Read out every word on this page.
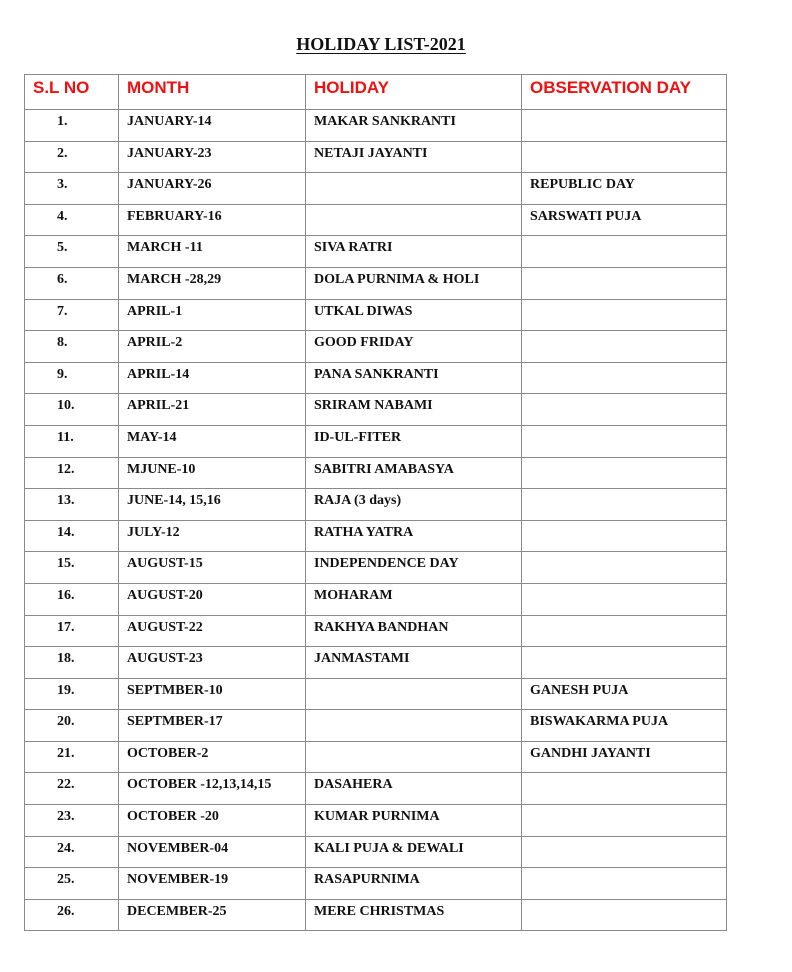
HOLIDAY LIST-2021
S.L NO	MONTH	HOLIDAY	OBSERVATION DAY
1.	JANUARY-14	MAKAR SANKRANTI	
2.	JANUARY-23	NETAJI JAYANTI	
3.	JANUARY-26		REPUBLIC DAY
4.	FEBRUARY-16		SARSWATI PUJA
5.	MARCH -11	SIVA RATRI	
6.	MARCH -28,29	DOLA PURNIMA & HOLI	
7.	APRIL-1	UTKAL DIWAS	
8.	APRIL-2	GOOD FRIDAY	
9.	APRIL-14	PANA SANKRANTI	
10.	APRIL-21	SRIRAM NABAMI	
11.	MAY-14	ID-UL-FITER	
12.	MJUNE-10	SABITRI AMABASYA	
13.	JUNE-14, 15,16	RAJA (3 days)	
14.	JULY-12	RATHA YATRA	
15.	AUGUST-15	INDEPENDENCE DAY	
16.	AUGUST-20	MOHARAM	
17.	AUGUST-22	RAKHYA BANDHAN	
18.	AUGUST-23	JANMASTAMI	
19.	SEPTMBER-10		GANESH PUJA
20.	SEPTMBER-17		BISWAKARMA PUJA
21.	OCTOBER-2		GANDHI JAYANTI
22.	OCTOBER -12,13,14,15	DASAHERA	
23.	OCTOBER -20	KUMAR PURNIMA	
24.	NOVEMBER-04	KALI PUJA & DEWALI	
25.	NOVEMBER-19	RASAPURNIMA	
26.	DECEMBER-25	MERE CHRISTMAS	
